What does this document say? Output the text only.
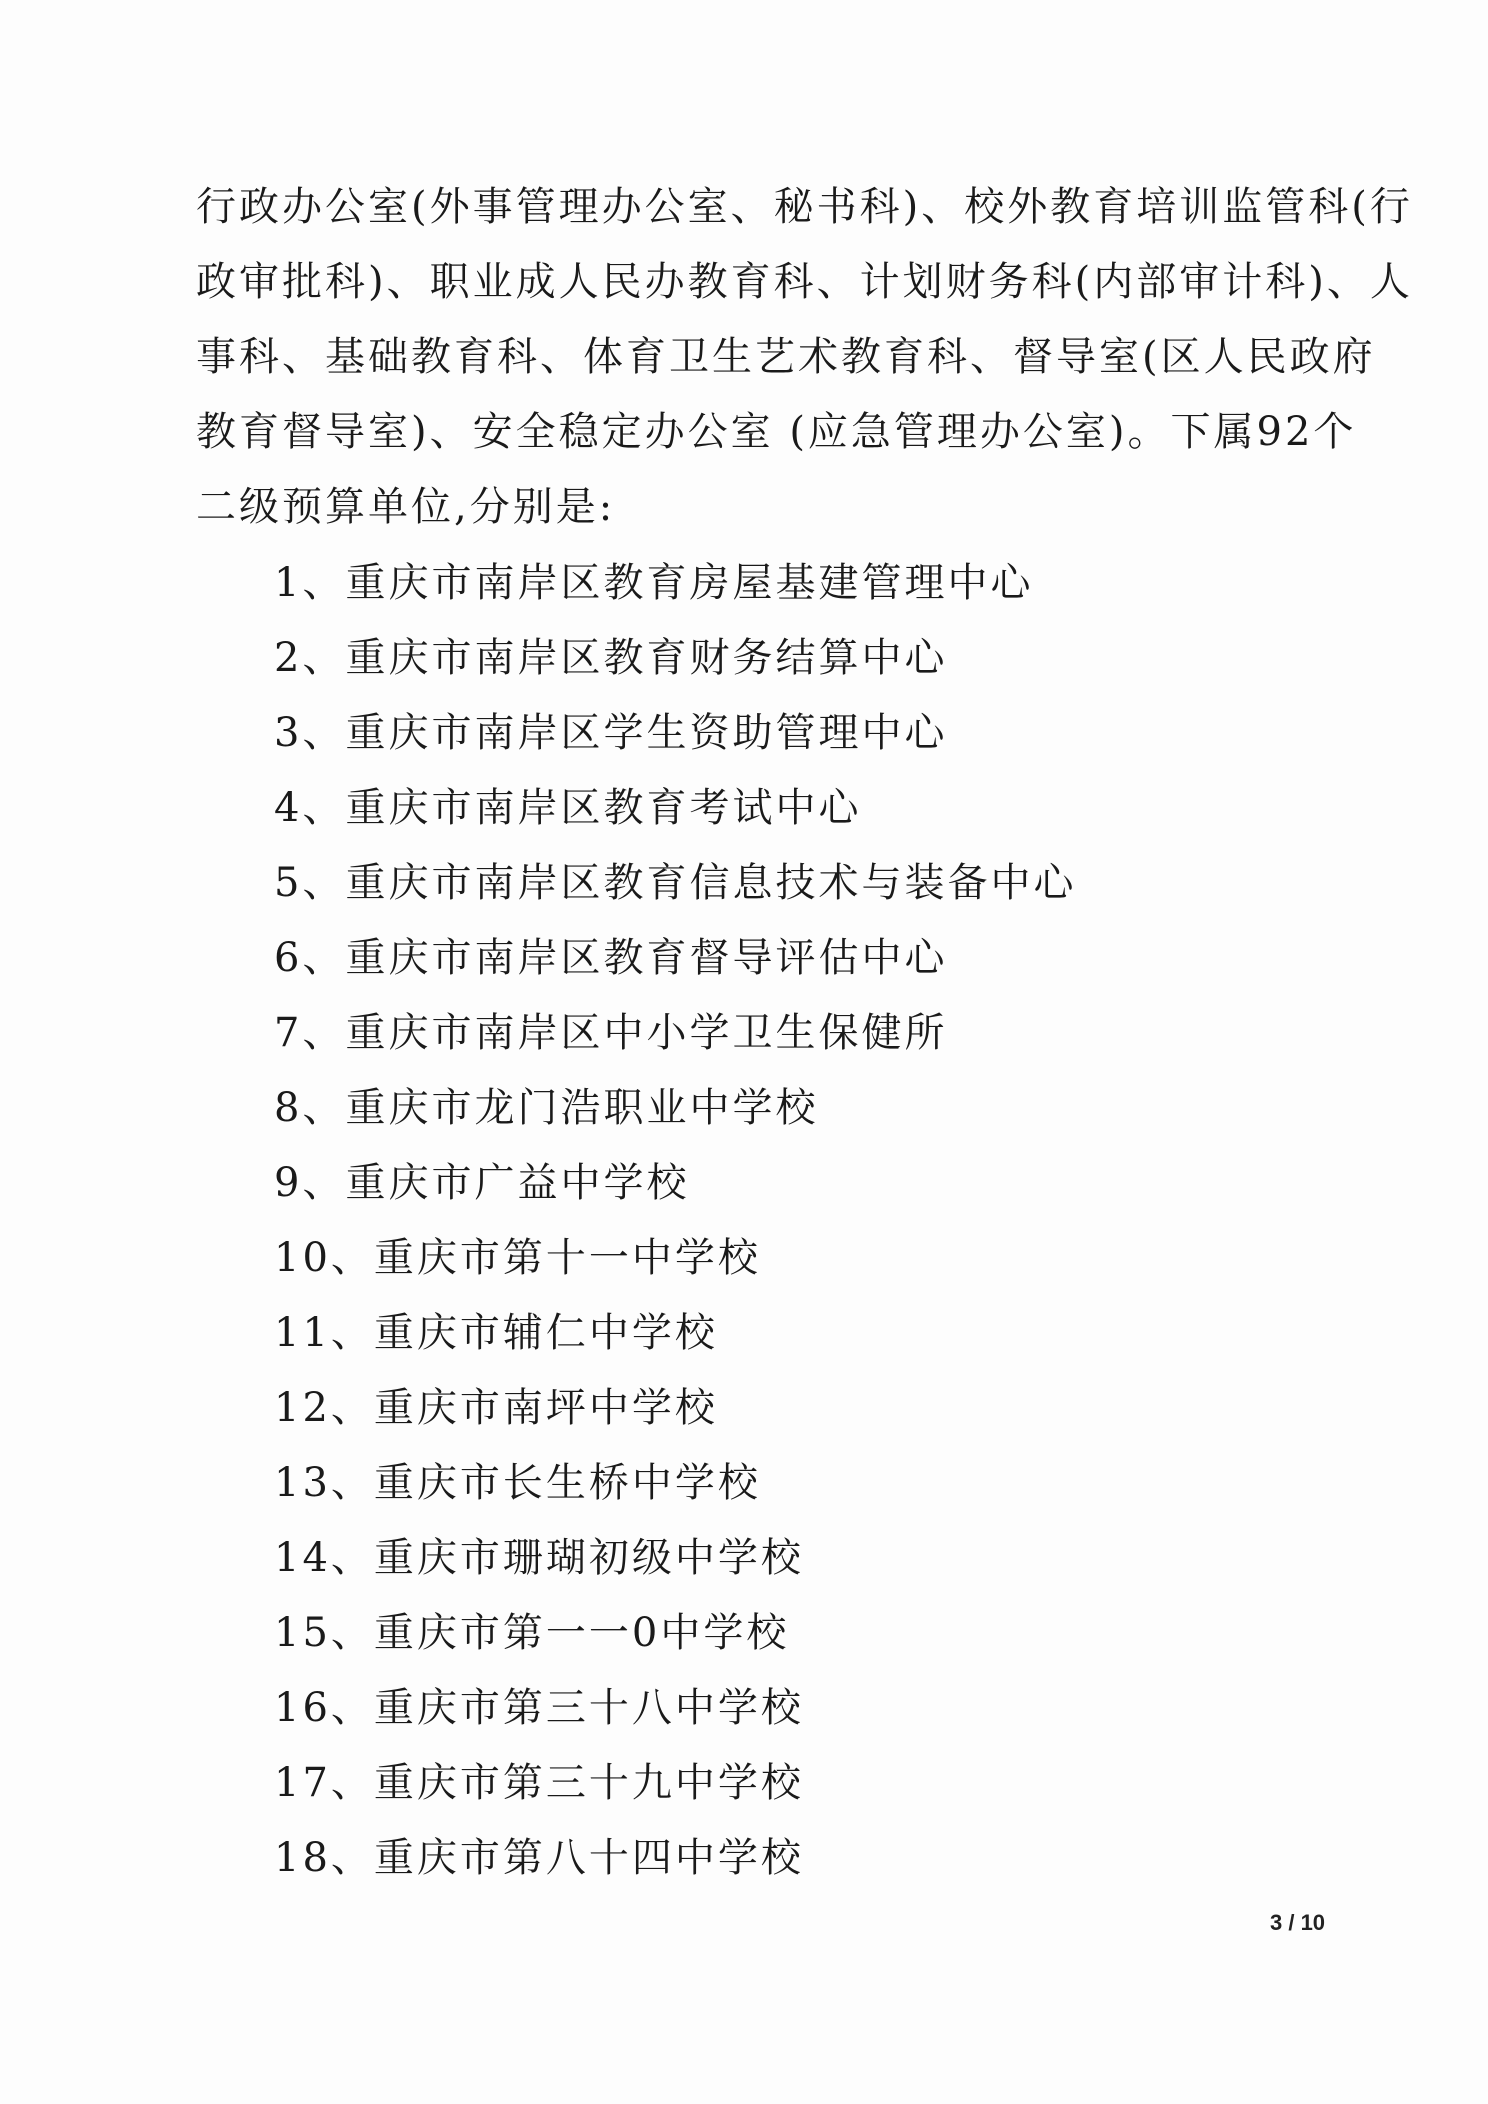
行政办公室(外事管理办公室、秘书科)、校外教育培训监管科(行
政审批科)、职业成人民办教育科、计划财务科(内部审计科)、人
事科、基础教育科、体育卫生艺术教育科、督导室(区人民政府
教育督导室)、安全稳定办公室 (应急管理办公室)。下属92个
二级预算单位,分别是:
1、重庆市南岸区教育房屋基建管理中心
2、重庆市南岸区教育财务结算中心
3、重庆市南岸区学生资助管理中心
4、重庆市南岸区教育考试中心
5、重庆市南岸区教育信息技术与装备中心
6、重庆市南岸区教育督导评估中心
7、重庆市南岸区中小学卫生保健所
8、重庆市龙门浩职业中学校
9、重庆市广益中学校
10、重庆市第十一中学校
11、重庆市辅仁中学校
12、重庆市南坪中学校
13、重庆市长生桥中学校
14、重庆市珊瑚初级中学校
15、重庆市第一一0中学校
16、重庆市第三十八中学校
17、重庆市第三十九中学校
18、重庆市第八十四中学校
3 / 10
